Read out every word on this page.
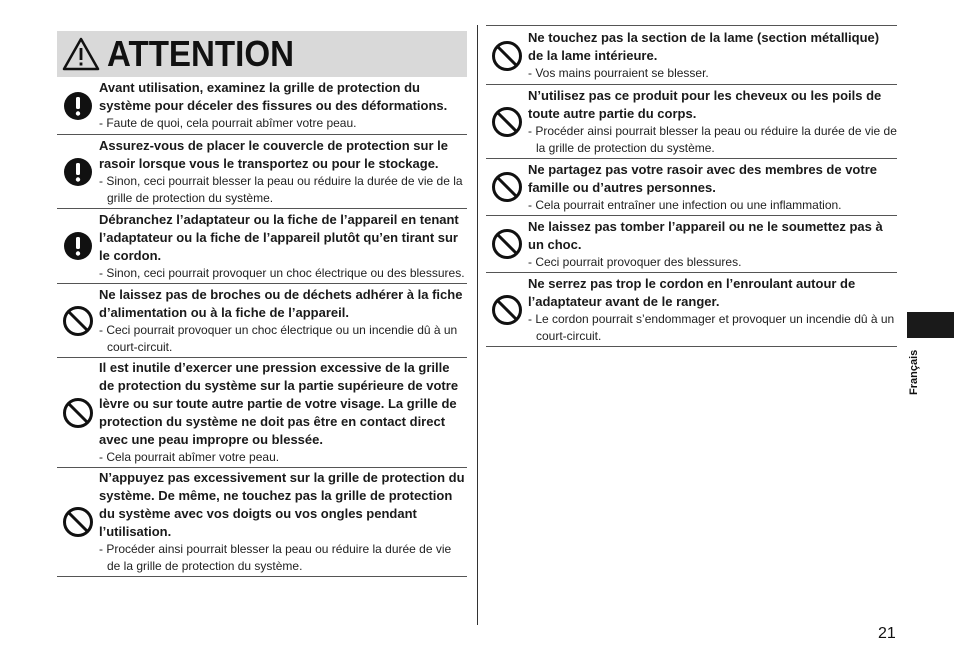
ATTENTION

Avant utilisation, examinez la grille de protection du système pour déceler des fissures ou des déformations.

- Faute de quoi, cela pourrait abîmer votre peau.

Assurez-vous de placer le couvercle de protection sur le rasoir lorsque vous le transportez ou pour le stockage.

- Sinon, ceci pourrait blesser la peau ou réduire la durée de vie de la grille de protection du système.

Débranchez l’adaptateur ou la fiche de l’appareil en tenant l’adaptateur ou la fiche de l’appareil plutôt qu’en tirant sur le cordon.

- Sinon, ceci pourrait provoquer un choc électrique ou des blessures.

Ne laissez pas de broches ou de déchets adhérer à la fiche d’alimentation ou à la fiche de l’appareil.

- Ceci pourrait provoquer un choc électrique ou un incendie dû à un court-circuit.

Il est inutile d’exercer une pression excessive de la grille de protection du système sur la partie supérieure de votre lèvre ou sur toute autre partie de votre visage. La grille de protection du système ne doit pas être en contact direct avec une peau impropre ou blessée.

- Cela pourrait abîmer votre peau.

N’appuyez pas excessivement sur la grille de protection du système. De même, ne touchez pas la grille de protection du système avec vos doigts ou vos ongles pendant l’utilisation.

- Procéder ainsi pourrait blesser la peau ou réduire la durée de vie de la grille de protection du système.

Ne touchez pas la section de la lame (section métallique) de la lame intérieure.

- Vos mains pourraient se blesser.

N’utilisez pas ce produit pour les cheveux ou les poils de toute autre partie du corps.

- Procéder ainsi pourrait blesser la peau ou réduire la durée de vie de la grille de protection du système.

Ne partagez pas votre rasoir avec des membres de votre famille ou d’autres personnes.

- Cela pourrait entraîner une infection ou une inflammation.

Ne laissez pas tomber l’appareil ou ne le soumettez pas à un choc.

- Ceci pourrait provoquer des blessures.

Ne serrez pas trop le cordon en l’enroulant autour de l’adaptateur avant de le ranger.

- Le cordon pourrait s’endommager et provoquer un incendie dû à un court-circuit.

Français
21
